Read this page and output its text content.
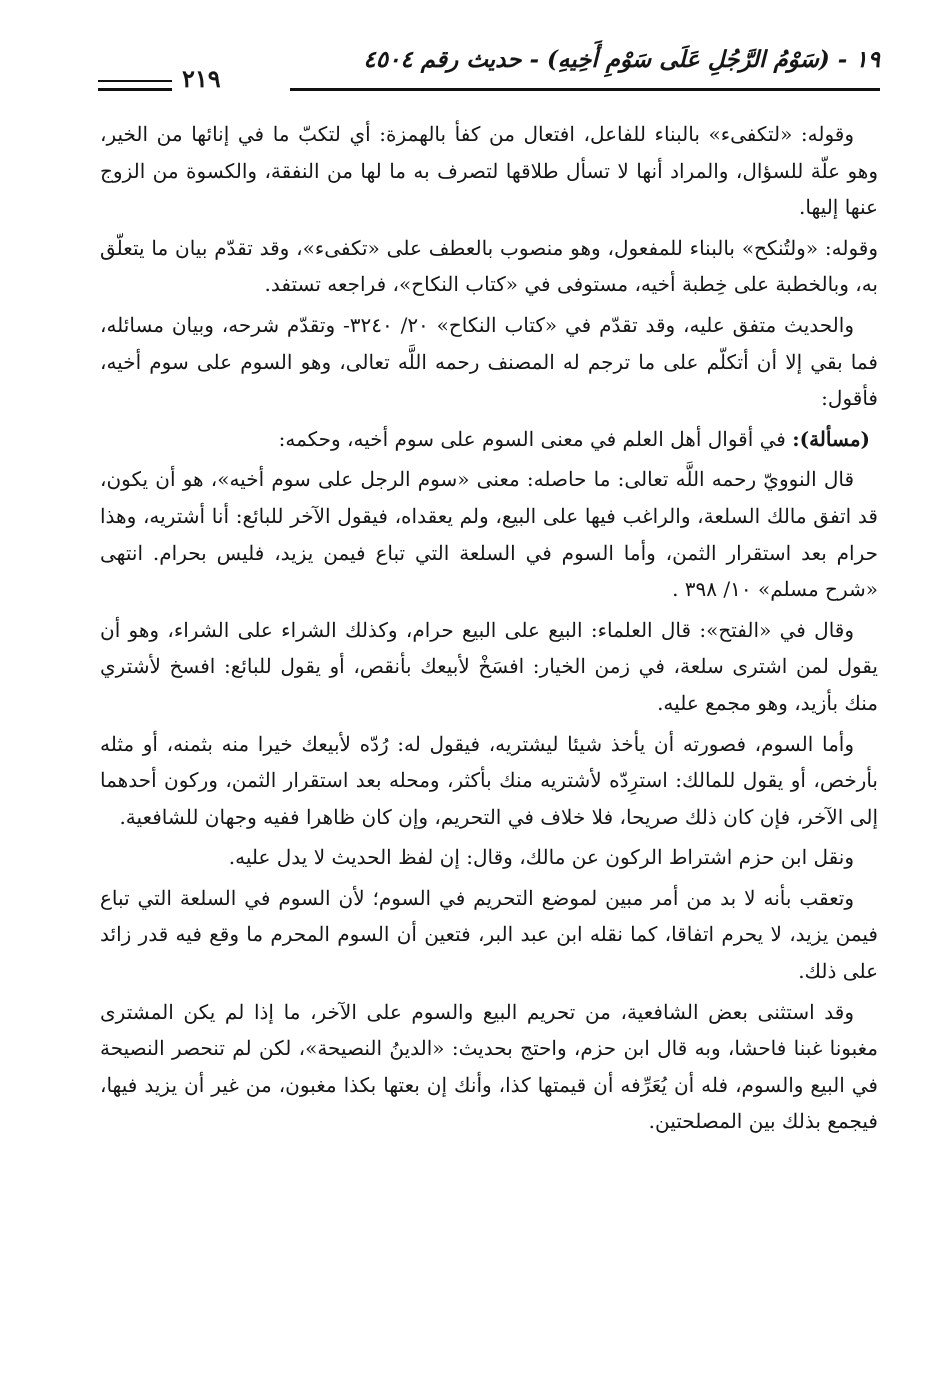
١٩ - (سَوْمُ الرَّجُلِ عَلَى سَوْمِ أَخِيهِ) - حديث رقم ٤٥٠٤
٢١٩

وقوله: «لتكفىء» بالبناء للفاعل، افتعال من كفأ بالهمزة: أي لتكبّ ما في إنائها من الخير، وهو علّة للسؤال، والمراد أنها لا تسأل طلاقها لتصرف به ما لها من النفقة، والكسوة من الزوج عنها إليها.

وقوله: «ولتُنكح» بالبناء للمفعول، وهو منصوب بالعطف على «تكفىء»، وقد تقدّم بيان ما يتعلّق به، وبالخطبة على خِطبة أخيه، مستوفى في «كتاب النكاح»، فراجعه تستفد.

والحديث متفق عليه، وقد تقدّم في «كتاب النكاح» ٢٠/ ٣٢٤٠- وتقدّم شرحه، وبيان مسائله، فما بقي إلا أن أتكلّم على ما ترجم له المصنف رحمه اللَّه تعالى، وهو السوم على سوم أخيه، فأقول:

(مسألة): في أقوال أهل العلم في معنى السوم على سوم أخيه، وحكمه:

قال النوويّ رحمه اللَّه تعالى: ما حاصله: معنى «سوم الرجل على سوم أخيه»، هو أن يكون، قد اتفق مالك السلعة، والراغب فيها على البيع، ولم يعقداه، فيقول الآخر للبائع: أنا أشتريه، وهذا حرام بعد استقرار الثمن، وأما السوم في السلعة التي تباع فيمن يزيد، فليس بحرام. انتهى «شرح مسلم» ١٠/ ٣٩٨ .

وقال في «الفتح»: قال العلماء: البيع على البيع حرام، وكذلك الشراء على الشراء، وهو أن يقول لمن اشترى سلعة، في زمن الخيار: افسَخْ لأبيعك بأنقص، أو يقول للبائع: افسخ لأشتري منك بأزيد، وهو مجمع عليه.

وأما السوم، فصورته أن يأخذ شيئا ليشتريه، فيقول له: رُدّه لأبيعك خيرا منه بثمنه، أو مثله بأرخص، أو يقول للمالك: استرِدّه لأشتريه منك بأكثر، ومحله بعد استقرار الثمن، وركون أحدهما إلى الآخر، فإن كان ذلك صريحا، فلا خلاف في التحريم، وإن كان ظاهرا ففيه وجهان للشافعية.

ونقل ابن حزم اشتراط الركون عن مالك، وقال: إن لفظ الحديث لا يدل عليه.

وتعقب بأنه لا بد من أمر مبين لموضع التحريم في السوم؛ لأن السوم في السلعة التي تباع فيمن يزيد، لا يحرم اتفاقا، كما نقله ابن عبد البر، فتعين أن السوم المحرم ما وقع فيه قدر زائد على ذلك.

وقد استثنى بعض الشافعية، من تحريم البيع والسوم على الآخر، ما إذا لم يكن المشترى مغبونا غبنا فاحشا، وبه قال ابن حزم، واحتج بحديث: «الدينُ النصيحة»، لكن لم تنحصر النصيحة في البيع والسوم، فله أن يُعَرِّفه أن قيمتها كذا، وأنك إن بعتها بكذا مغبون، من غير أن يزيد فيها، فيجمع بذلك بين المصلحتين.
